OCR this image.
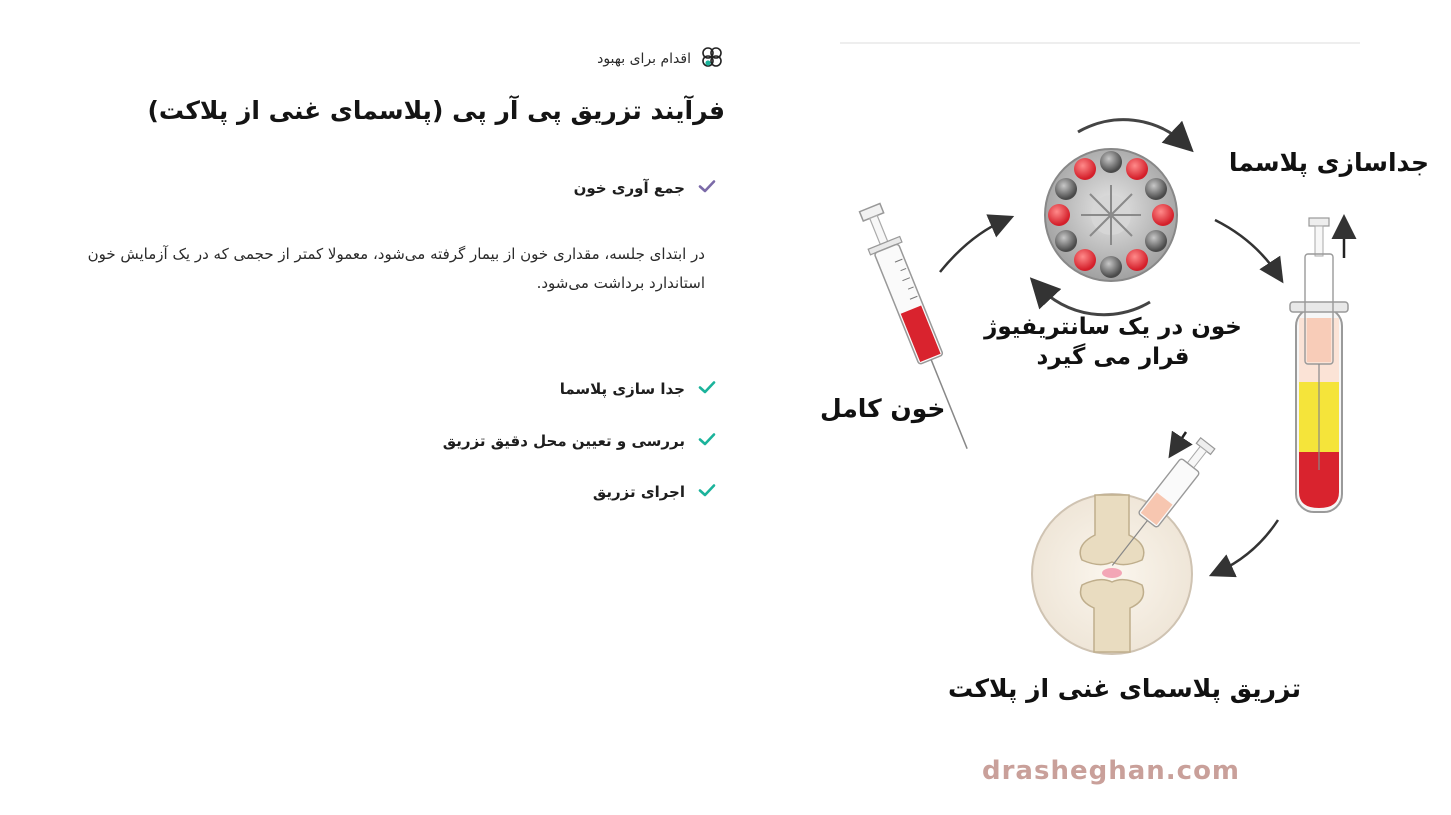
اقدام برای بهبود
فرآیند تزریق پی آر پی (پلاسمای غنی از پلاکت)
جمع آوری خون

در ابتدای جلسه، مقداری خون از بیمار گرفته می‌شود، معمولا کمتر از حجمی که در یک آزمایش خون استاندارد برداشت می‌شود.

جدا سازی پلاسما
بررسی و تعیین محل دقیق تزریق
اجرای تزریق
جداسازی پلاسما
خون در یک سانتریفیوژ قرار می گیرد
خون کامل
تزریق پلاسمای غنی از پلاکت
drasheghan.com
